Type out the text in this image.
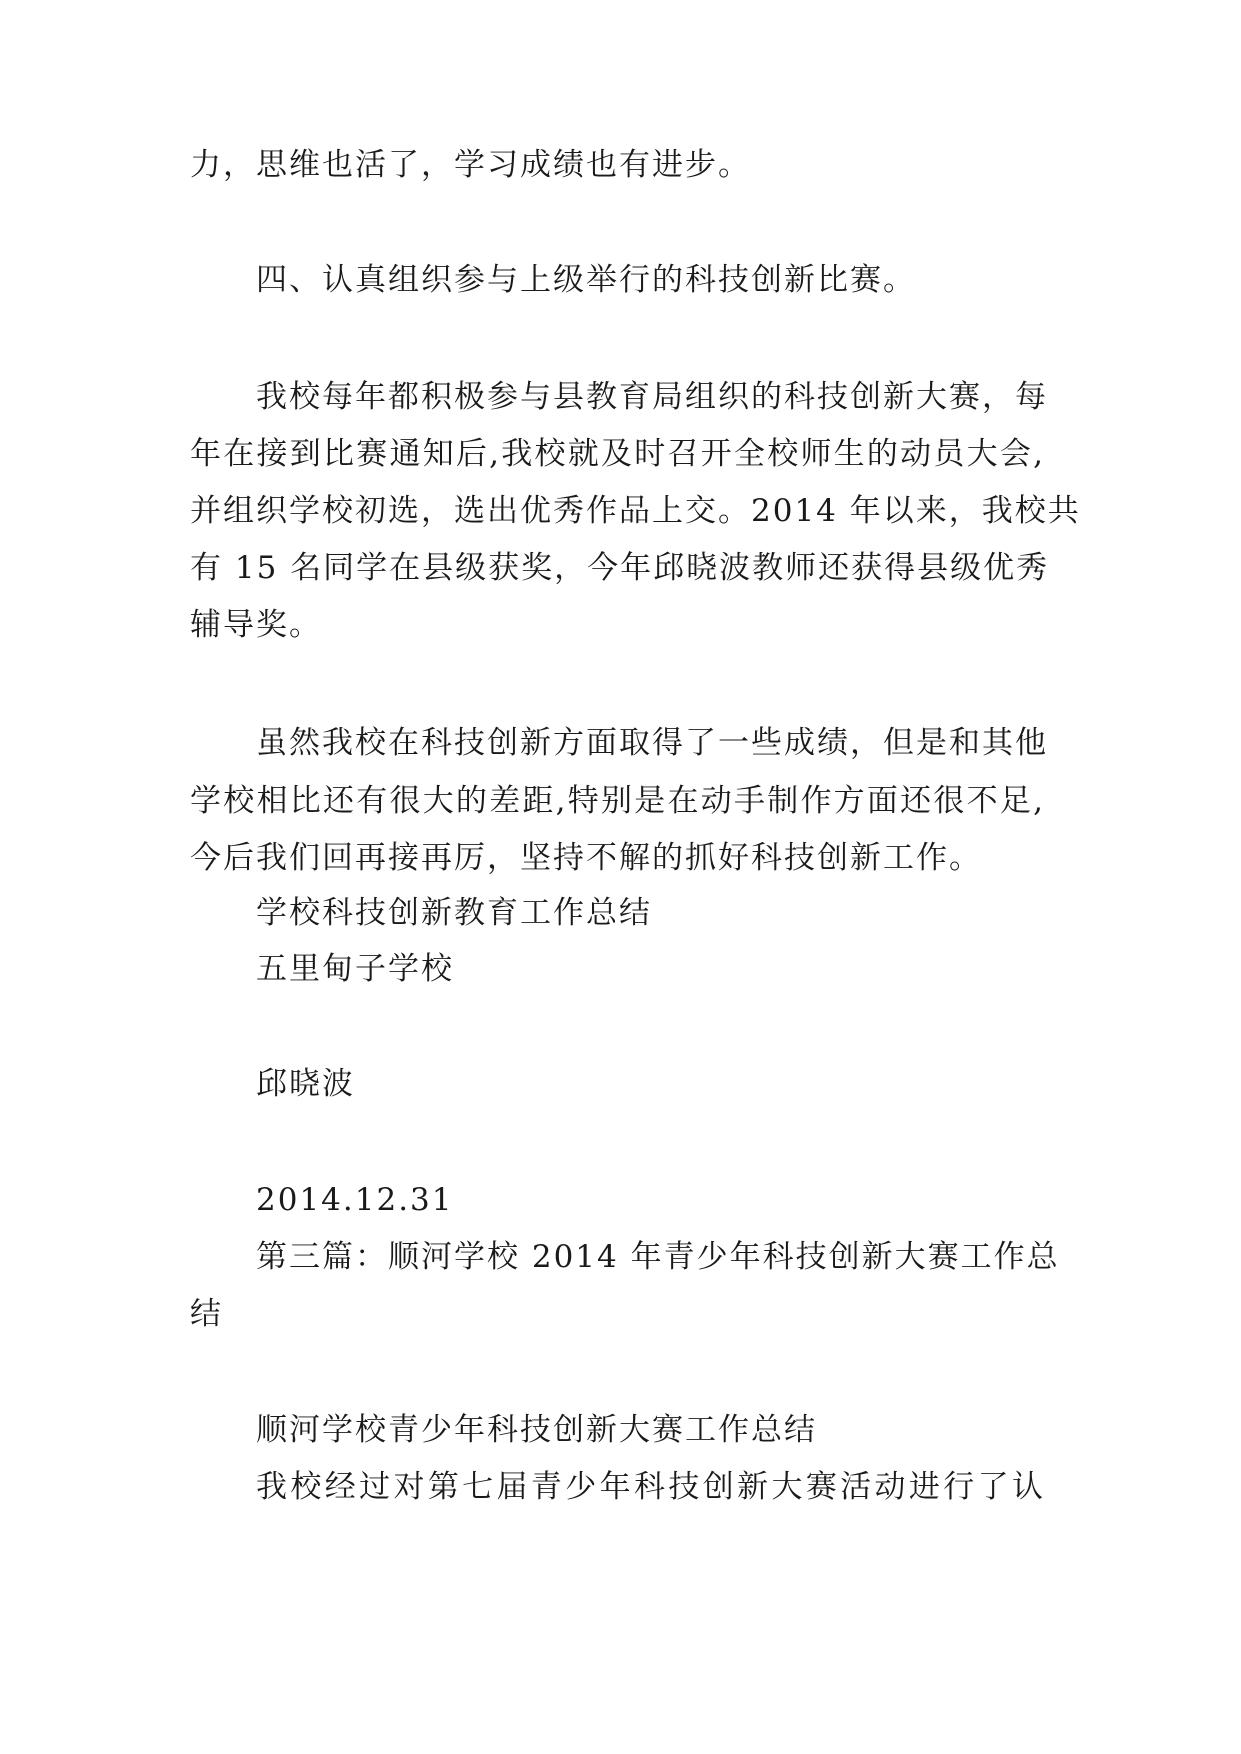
力，思维也活了，学习成绩也有进步。
四、认真组织参与上级举行的科技创新比赛。
我校每年都积极参与县教育局组织的科技创新大赛，每
年在接到比赛通知后,我校就及时召开全校师生的动员大会,
并组织学校初选，选出优秀作品上交。2014 年以来，我校共
有 15 名同学在县级获奖，今年邱晓波教师还获得县级优秀
辅导奖。
虽然我校在科技创新方面取得了一些成绩，但是和其他
学校相比还有很大的差距,特别是在动手制作方面还很不足,
今后我们回再接再厉，坚持不解的抓好科技创新工作。
学校科技创新教育工作总结
五里甸子学校
邱晓波
2014.12.31
第三篇：顺河学校 2014 年青少年科技创新大赛工作总
结
顺河学校青少年科技创新大赛工作总结
我校经过对第七届青少年科技创新大赛活动进行了认
